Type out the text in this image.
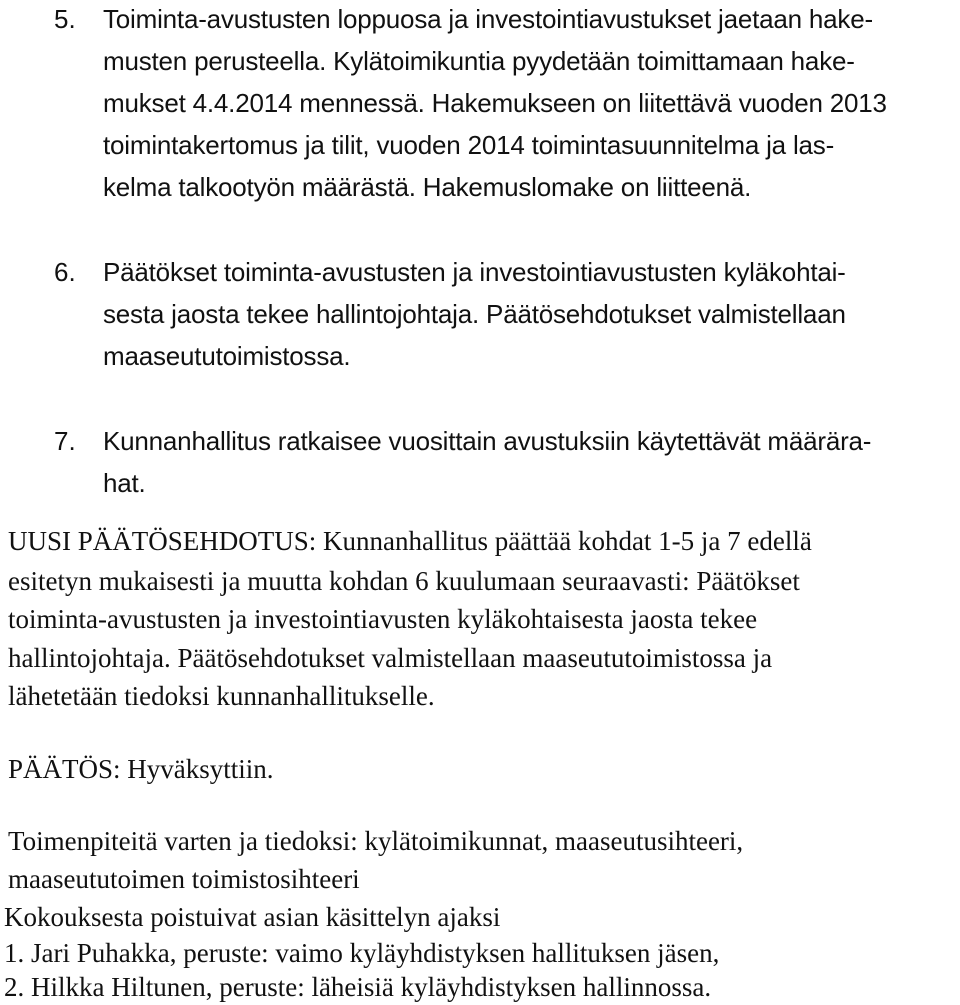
5. Toiminta-avustusten loppuosa ja investointiavustukset jaetaan hake-
musten perusteella. Kylätoimikuntia pyydetään toimittamaan hake-
mukset 4.4.2014 mennessä. Hakemukseen on liitettävä vuoden 2013
toimintakertomus ja tilit, vuoden 2014 toimintasuunnitelma ja las-
kelma talkootyön määrästä. Hakemuslomake on liitteenä.
6. Päätökset toiminta-avustusten ja investointiavustusten kyläkohtai-
sesta jaosta tekee hallintojohtaja. Päätösehdotukset valmistellaan
maaseututoimistossa.
7. Kunnanhallitus ratkaisee vuosittain avustuksiin käytettävät määrära-
hat.
UUSI PÄÄTÖSEHDOTUS: Kunnanhallitus päättää kohdat 1-5 ja 7 edellä
esitetyn mukaisesti ja muutta kohdan 6 kuulumaan seuraavasti: Päätökset
toiminta-avustusten ja investointiavusten kyläkohtaisesta jaosta tekee
hallintojohtaja. Päätösehdotukset valmistellaan maaseututoimistossa ja
lähetetään tiedoksi kunnanhallitukselle.
PÄÄTÖS: Hyväksyttiin.
Toimenpiteitä varten ja tiedoksi: kylätoimikunnat, maaseutusihteeri,
maaseututoimen toimistosihteeri
Kokouksesta poistuivat asian käsittelyn ajaksi
1. Jari Puhakka, peruste: vaimo kyläyhdistyksen hallituksen jäsen,
2. Hilkka Hiltunen, peruste: läheisiä kyläyhdistyksen hallinnossa.
